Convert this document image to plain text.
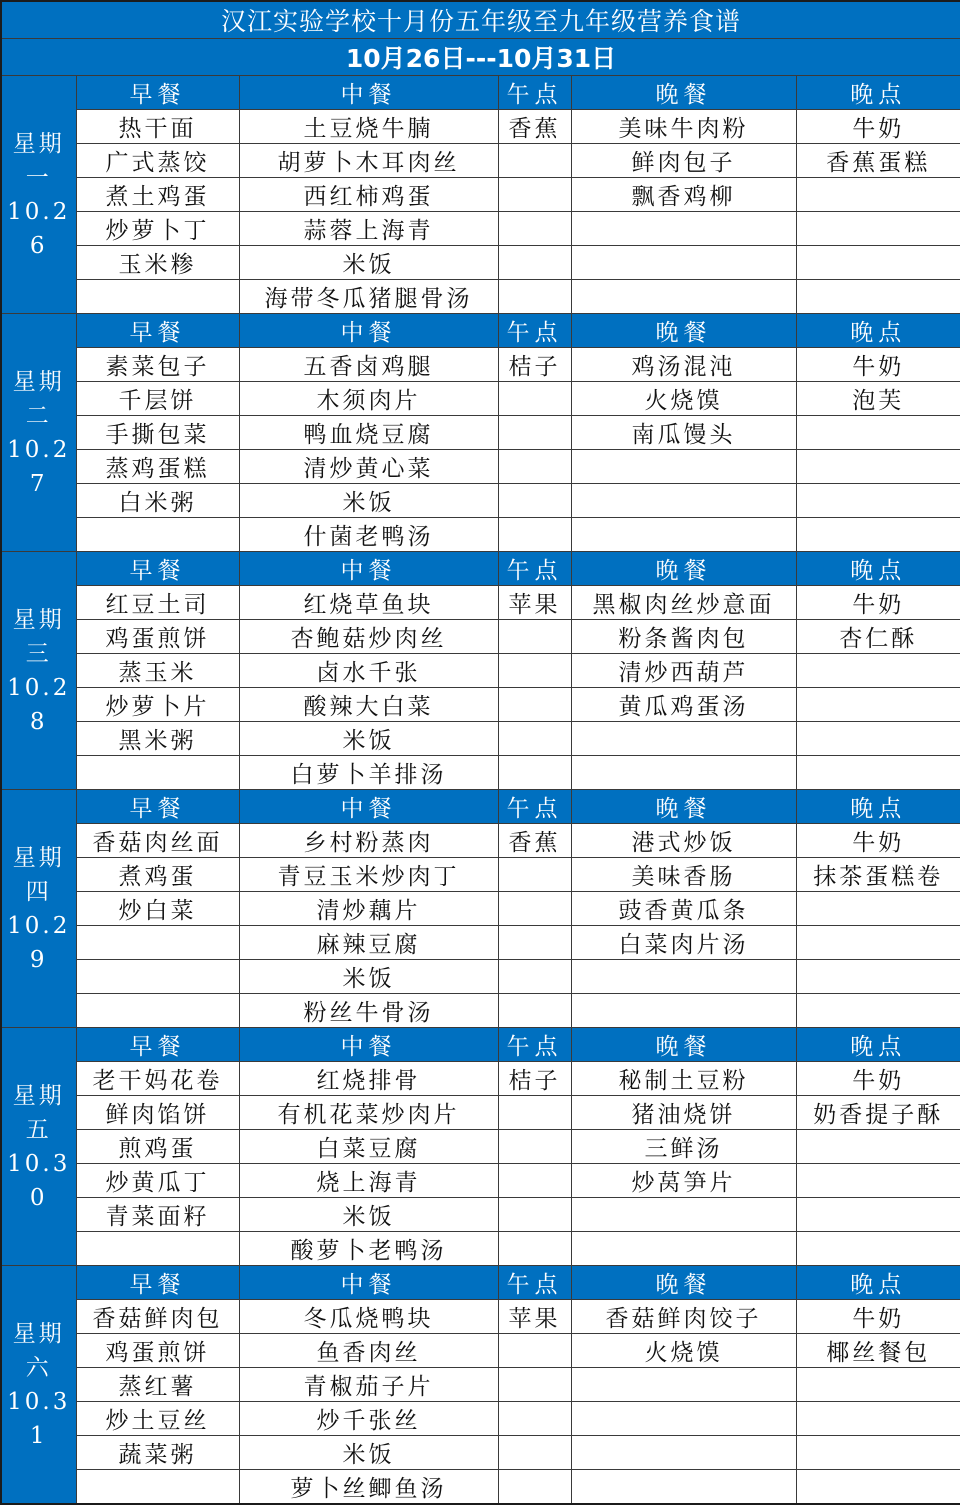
汉江实验学校十月份五年级至九年级营养食谱					
10月26日---10月31日					

星期一
10.26	早餐	中餐	午点	晚餐	晚点
	热干面	土豆烧牛腩	香蕉	美味牛肉粉	牛奶
	广式蒸饺	胡萝卜木耳肉丝		鲜肉包子	香蕉蛋糕
	煮土鸡蛋	西红柿鸡蛋		飘香鸡柳	
	炒萝卜丁	蒜蓉上海青			
	玉米糁	米饭			
		海带冬瓜猪腿骨汤			

星期二
10.27	早餐	中餐	午点	晚餐	晚点
	素菜包子	五香卤鸡腿	桔子	鸡汤混沌	牛奶
	千层饼	木须肉片		火烧馍	泡芙
	手撕包菜	鸭血烧豆腐		南瓜馒头	
	蒸鸡蛋糕	清炒黄心菜			
	白米粥	米饭			
		什菌老鸭汤			

星期三
10.28	早餐	中餐	午点	晚餐	晚点
	红豆土司	红烧草鱼块	苹果	黑椒肉丝炒意面	牛奶
	鸡蛋煎饼	杏鲍菇炒肉丝		粉条酱肉包	杏仁酥
	蒸玉米	卤水千张		清炒西葫芦	
	炒萝卜片	酸辣大白菜		黄瓜鸡蛋汤	
	黑米粥	米饭			
		白萝卜羊排汤			

星期四
10.29	早餐	中餐	午点	晚餐	晚点
	香菇肉丝面	乡村粉蒸肉	香蕉	港式炒饭	牛奶
	煮鸡蛋	青豆玉米炒肉丁		美味香肠	抹茶蛋糕卷
	炒白菜	清炒藕片		豉香黄瓜条	
		麻辣豆腐		白菜肉片汤	
		米饭			
		粉丝牛骨汤			

星期五
10.30	早餐	中餐	午点	晚餐	晚点
	老干妈花卷	红烧排骨	桔子	秘制土豆粉	牛奶
	鲜肉馅饼	有机花菜炒肉片		猪油烧饼	奶香提子酥
	煎鸡蛋	白菜豆腐		三鲜汤	
	炒黄瓜丁	烧上海青		炒莴笋片	
	青菜面籽	米饭			
		酸萝卜老鸭汤			

星期六
10.31	早餐	中餐	午点	晚餐	晚点
	香菇鲜肉包	冬瓜烧鸭块	苹果	香菇鲜肉饺子	牛奶
	鸡蛋煎饼	鱼香肉丝		火烧馍	椰丝餐包
	蒸红薯	青椒茄子片			
	炒土豆丝	炒千张丝			
	蔬菜粥	米饭			
		萝卜丝鲫鱼汤			
